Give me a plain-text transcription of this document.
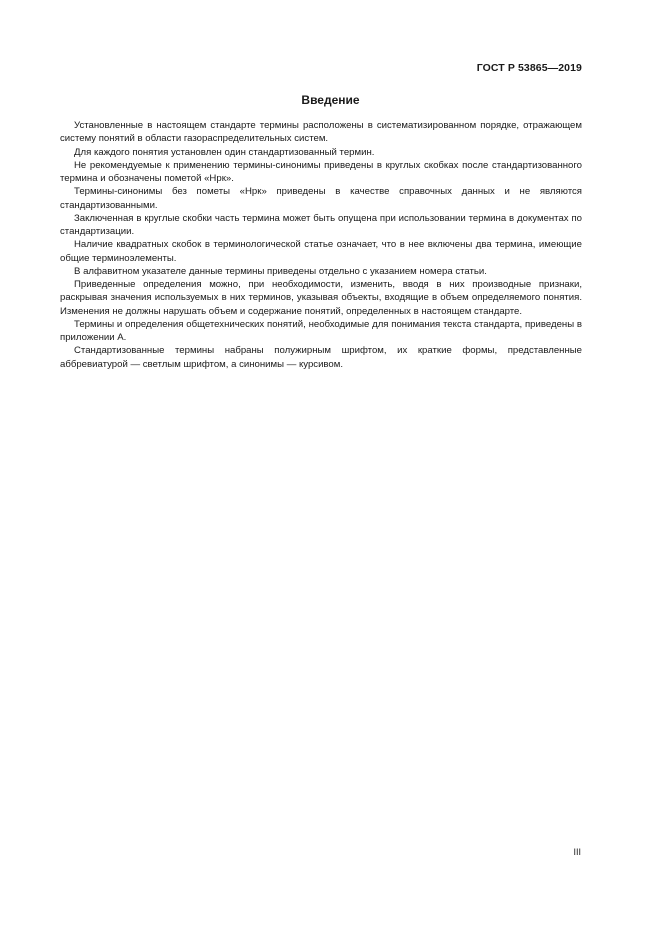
ГОСТ Р 53865—2019
Введение

Установленные в настоящем стандарте термины расположены в систематизированном порядке, отражающем систему понятий в области газораспределительных систем.

Для каждого понятия установлен один стандартизованный термин.

Не рекомендуемые к применению термины-синонимы приведены в круглых скобках после стандартизованного термина и обозначены пометой «Нрк».

Термины-синонимы без пометы «Нрк» приведены в качестве справочных данных и не являются стандартизованными.

Заключенная в круглые скобки часть термина может быть опущена при использовании термина в документах по стандартизации.

Наличие квадратных скобок в терминологической статье означает, что в нее включены два термина, имеющие общие терминоэлементы.

В алфавитном указателе данные термины приведены отдельно с указанием номера статьи.

Приведенные определения можно, при необходимости, изменить, вводя в них производные признаки, раскрывая значения используемых в них терминов, указывая объекты, входящие в объем определяемого понятия. Изменения не должны нарушать объем и содержание понятий, определенных в настоящем стандарте.

Термины и определения общетехнических понятий, необходимые для понимания текста стандарта, приведены в приложении А.

Стандартизованные термины набраны полужирным шрифтом, их краткие формы, представленные аббревиатурой — светлым шрифтом, а синонимы — курсивом.

III
